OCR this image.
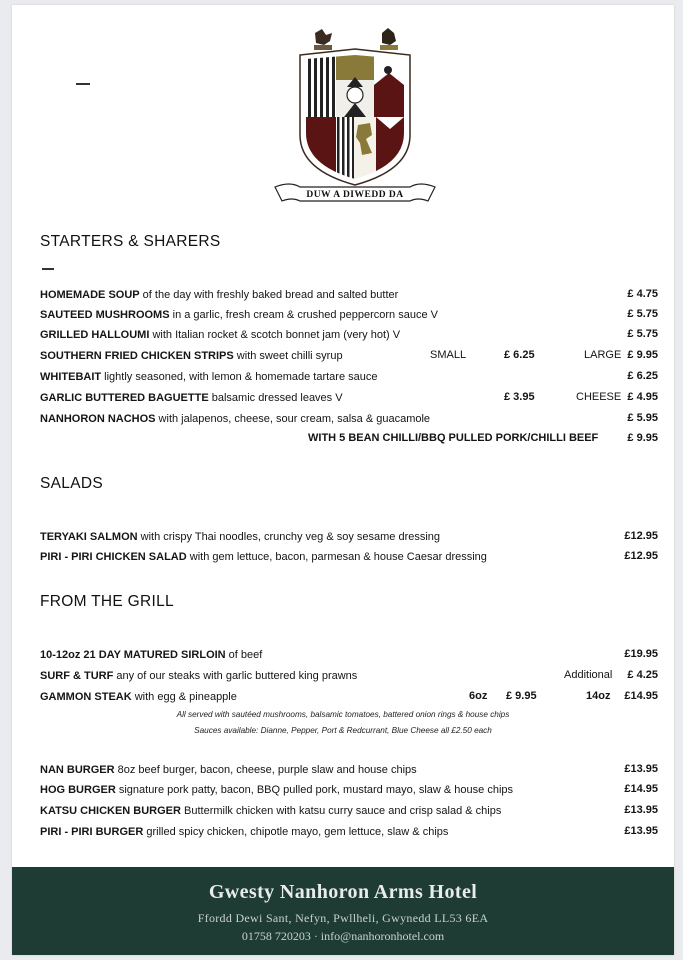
DUW A DIWEDD DA
STARTERS & SHARERS
HOMEMADE SOUP of the day with freshly baked bread and salted butter	£ 4.75
SAUTEED MUSHROOMS in a garlic, fresh cream & crushed peppercorn sauce V	£ 5.75
GRILLED HALLOUMI with Italian rocket & scotch bonnet jam (very hot) V	£ 5.75
SOUTHERN FRIED CHICKEN STRIPS with sweet chilli syrup	SMALL	£ 6.25	LARGE £ 9.95
WHITEBAIT lightly seasoned, with lemon & homemade tartare sauce	£ 6.25
GARLIC BUTTERED BAGUETTE balsamic dressed leaves V	£ 3.95	CHEESE £ 4.95
NANHORON NACHOS with jalapenos, cheese, sour cream, salsa & guacamole	£ 5.95
WITH 5 BEAN CHILLI/BBQ PULLED PORK/CHILLI BEEF	£ 9.95
SALADS
TERYAKI SALMON with crispy Thai noodles, crunchy veg & soy sesame dressing	£12.95
PIRI - PIRI CHICKEN SALAD with gem lettuce, bacon, parmesan & house Caesar dressing	£12.95
FROM THE GRILL
10-12oz 21 DAY MATURED SIRLOIN of beef	£19.95
SURF & TURF any of our steaks with garlic buttered king prawns	Additional £ 4.25
GAMMON STEAK with egg & pineapple	6oz £ 9.95	14oz £14.95
All served with sautéed mushrooms, balsamic tomatoes, battered onion rings & house chips
Sauces available: Dianne, Pepper, Port & Redcurrant, Blue Cheese all £2.50 each
NAN BURGER 8oz beef burger, bacon, cheese, purple slaw and house chips	£13.95
HOG BURGER signature pork patty, bacon, BBQ pulled pork, mustard mayo, slaw & house chips	£14.95
KATSU CHICKEN BURGER Buttermilk chicken with katsu curry sauce and crisp salad & chips	£13.95
PIRI - PIRI BURGER grilled spicy chicken, chipotle mayo, gem lettuce, slaw & chips	£13.95
Gwesty Nanhoron Arms Hotel
Ffordd Dewi Sant, Nefyn, Pwllheli, Gwynedd LL53 6EA
01758 720203 · info@nanhoronhotel.com
